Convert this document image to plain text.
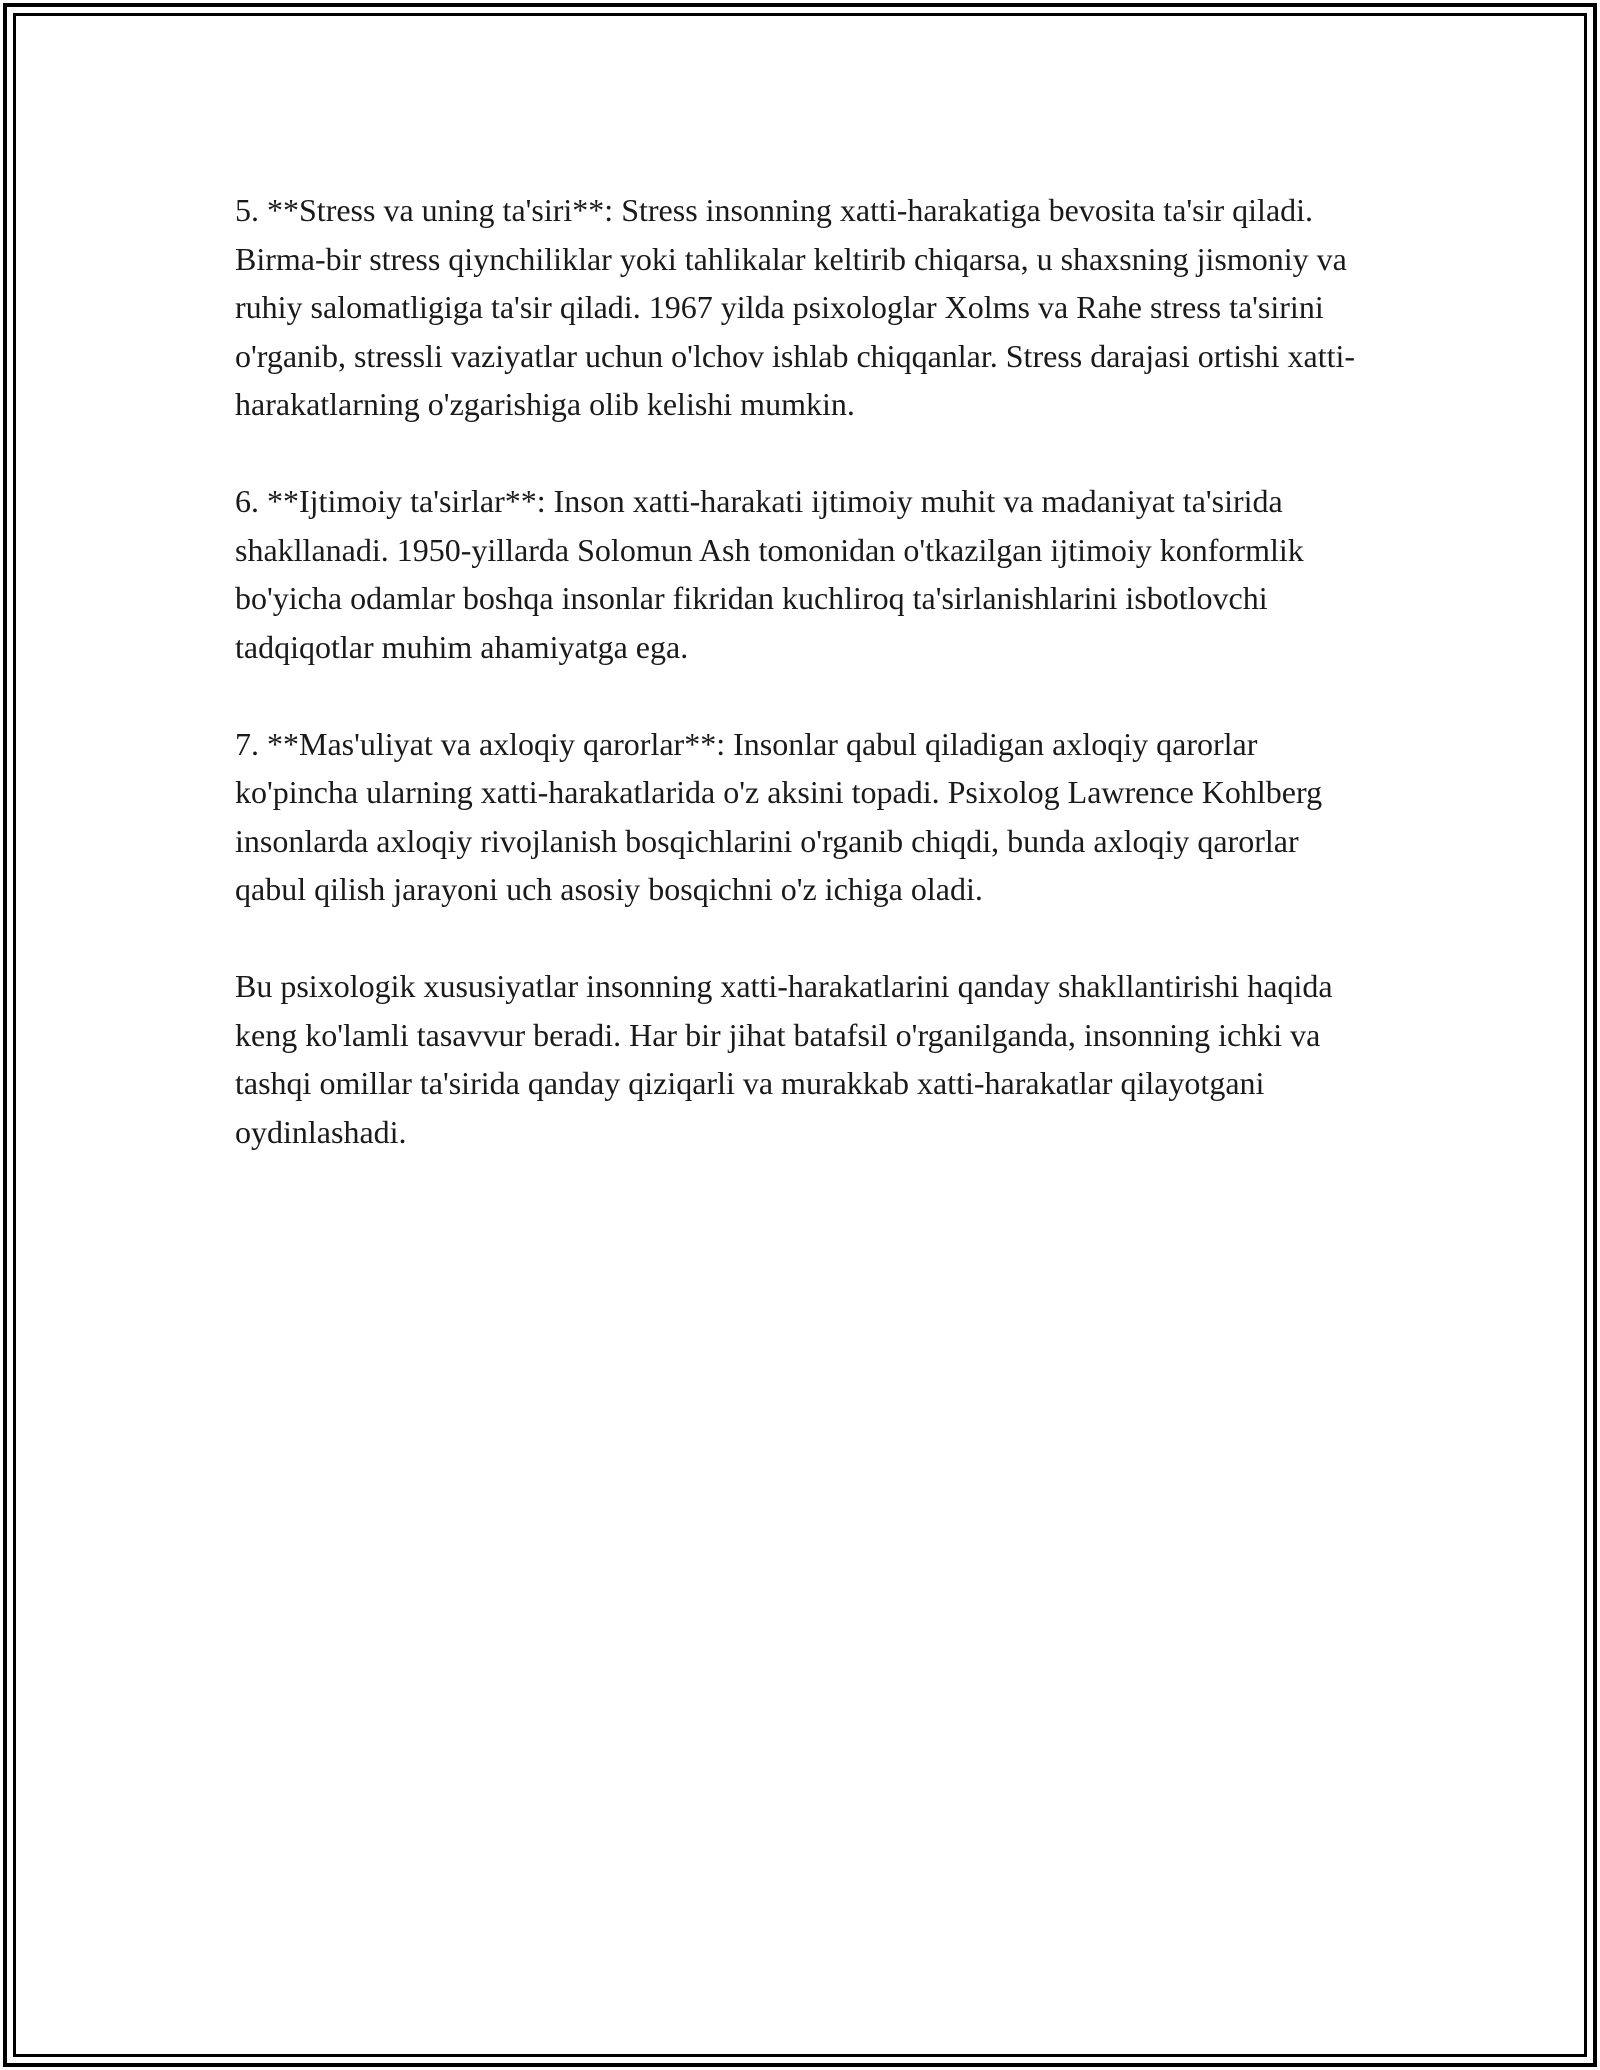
5. **Stress va uning ta'siri**: Stress insonning xatti-harakatiga bevosita ta'sir qiladi. Birma-bir stress qiynchiliklar yoki tahlikalar keltirib chiqarsa, u shaxsning jismoniy va ruhiy salomatligiga ta'sir qiladi. 1967 yilda psixologlar Xolms va Rahe stress ta'sirini o'rganib, stressli vaziyatlar uchun o'lchov ishlab chiqqanlar. Stress darajasi ortishi xatti-harakatlarning o'zgarishiga olib kelishi mumkin.

6. **Ijtimoiy ta'sirlar**: Inson xatti-harakati ijtimoiy muhit va madaniyat ta'sirida shakllanadi. 1950-yillarda Solomun Ash tomonidan o'tkazilgan ijtimoiy konformlik bo'yicha odamlar boshqa insonlar fikridan kuchliroq ta'sirlanishlarini isbotlovchi tadqiqotlar muhim ahamiyatga ega.

7. **Mas'uliyat va axloqiy qarorlar**: Insonlar qabul qiladigan axloqiy qarorlar ko'pincha ularning xatti-harakatlarida o'z aksini topadi. Psixolog Lawrence Kohlberg insonlarda axloqiy rivojlanish bosqichlarini o'rganib chiqdi, bunda axloqiy qarorlar qabul qilish jarayoni uch asosiy bosqichni o'z ichiga oladi.

Bu psixologik xususiyatlar insonning xatti-harakatlarini qanday shakllantirishi haqida keng ko'lamli tasavvur beradi. Har bir jihat batafsil o'rganilganda, insonning ichki va tashqi omillar ta'sirida qanday qiziqarli va murakkab xatti-harakatlar qilayotgani oydinlashadi.
